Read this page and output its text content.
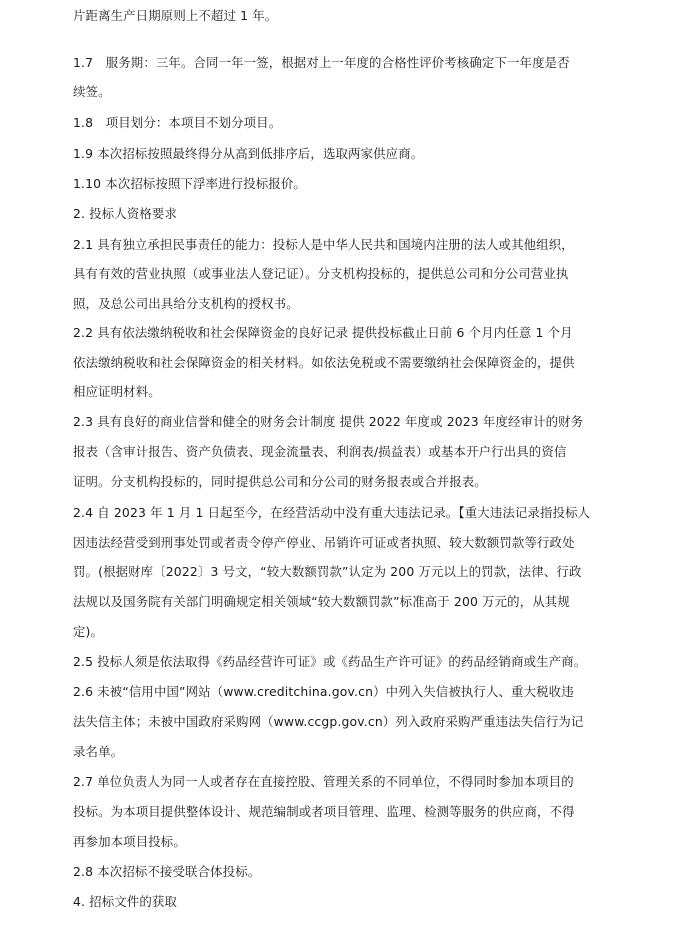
片距离生产日期原则上不超过 1 年。
1.7　服务期：三年。合同一年一签，根据对上一年度的合格性评价考核确定下一年度是否
续签。
1.8　项目划分：本项目不划分项目。
1.9 本次招标按照最终得分从高到低排序后，选取两家供应商。
1.10 本次招标按照下浮率进行投标报价。
2. 投标人资格要求
2.1 具有独立承担民事责任的能力：投标人是中华人民共和国境内注册的法人或其他组织，
具有有效的营业执照（或事业法人登记证）。分支机构投标的，提供总公司和分公司营业执
照，及总公司出具给分支机构的授权书。
2.2 具有依法缴纳税收和社会保障资金的良好记录 提供投标截止日前 6 个月内任意 1 个月
依法缴纳税收和社会保障资金的相关材料。如依法免税或不需要缴纳社会保障资金的，提供
相应证明材料。
2.3 具有良好的商业信誉和健全的财务会计制度 提供 2022 年度或 2023 年度经审计的财务
报表（含审计报告、资产负债表、现金流量表、利润表/损益表）或基本开户行出具的资信
证明。分支机构投标的，同时提供总公司和分公司的财务报表或合并报表。
2.4 自 2023 年 1 月 1 日起至今，在经营活动中没有重大违法记录。【重大违法记录指投标人
因违法经营受到刑事处罚或者责令停产停业、吊销许可证或者执照、较大数额罚款等行政处
罚。(根据财库〔2022〕3 号文，“较大数额罚款”认定为 200 万元以上的罚款，法律、行政
法规以及国务院有关部门明确规定相关领域“较大数额罚款”标准高于 200 万元的，从其规
定)。
2.5 投标人须是依法取得《药品经营许可证》或《药品生产许可证》的药品经销商或生产商。
2.6 未被“信用中国”网站（www.creditchina.gov.cn）中列入失信被执行人、重大税收违
法失信主体；未被中国政府采购网（www.ccgp.gov.cn）列入政府采购严重违法失信行为记
录名单。
2.7 单位负责人为同一人或者存在直接控股、管理关系的不同单位，不得同时参加本项目的
投标。为本项目提供整体设计、规范编制或者项目管理、监理、检测等服务的供应商，不得
再参加本项目投标。
2.8 本次招标不接受联合体投标。
4. 招标文件的获取
